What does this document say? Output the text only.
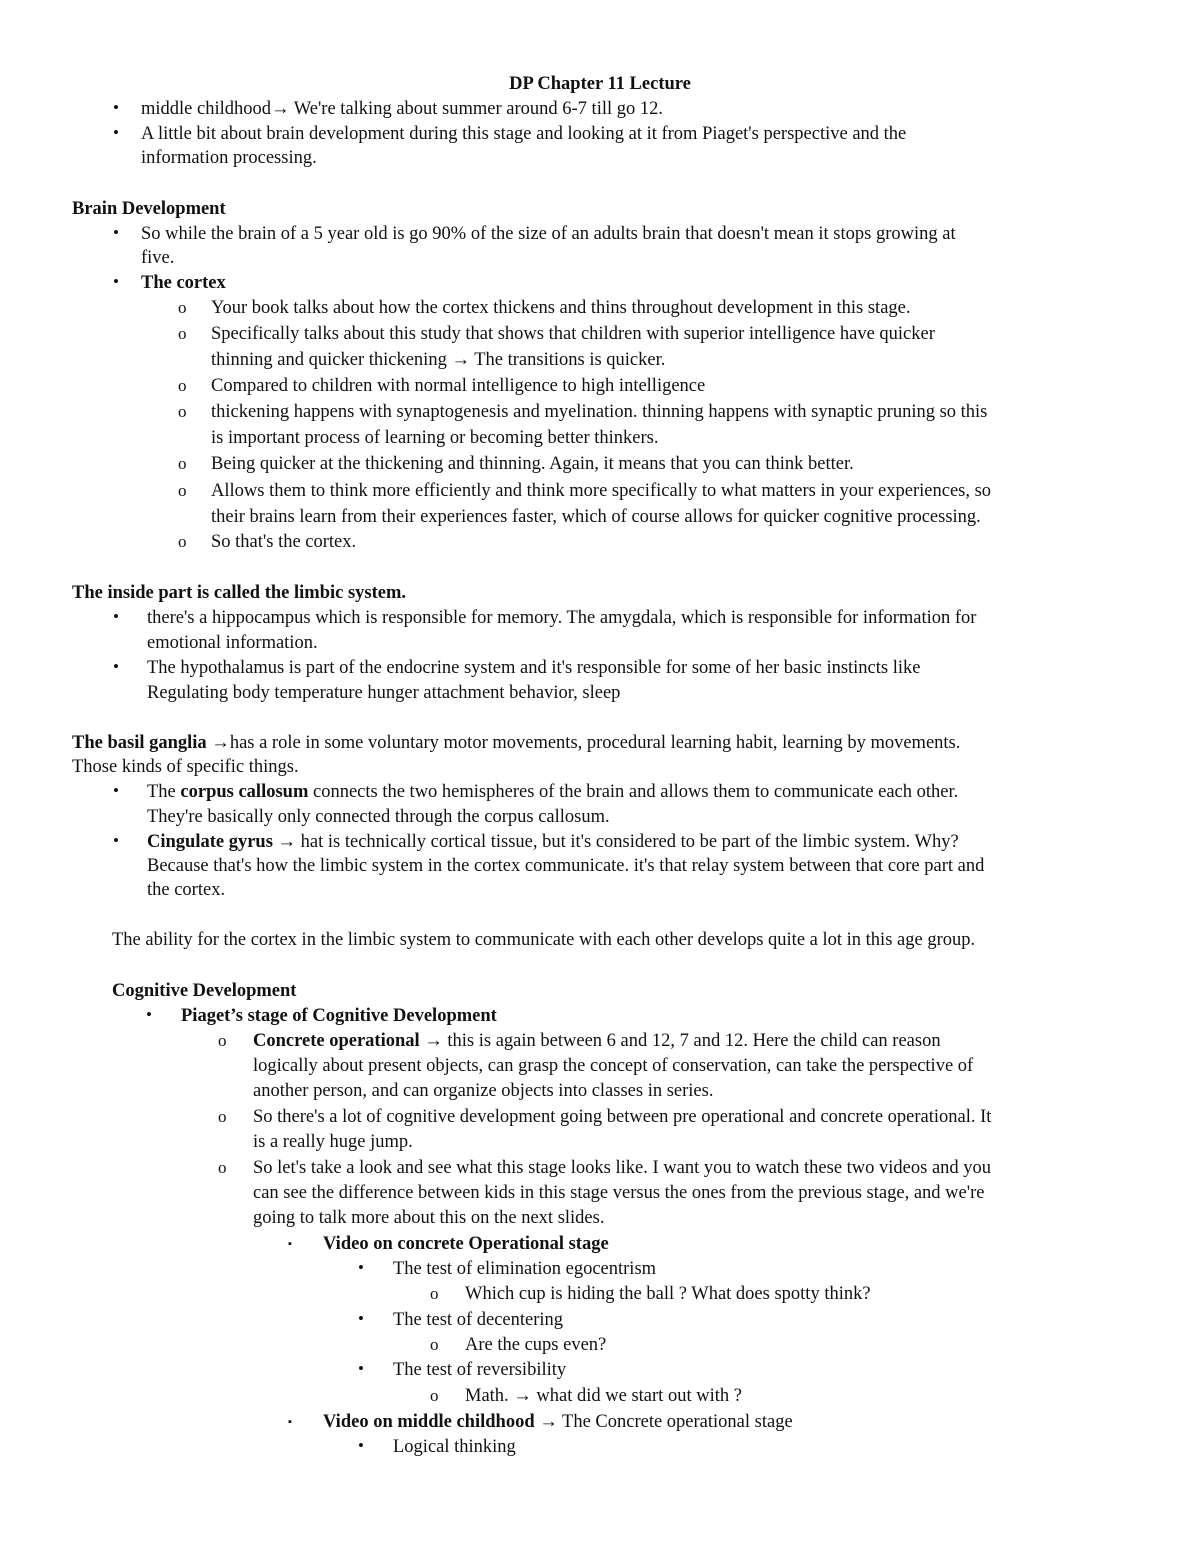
DP Chapter 11 Lecture
• middle childhood→ We're talking about summer around 6-7 till go 12.
• A little bit about brain development during this stage and looking at it from Piaget's perspective and the
information processing.
Brain Development
• So while the brain of a 5 year old is go 90% of the size of an adults brain that doesn't mean it stops growing at
five.
• The cortex
o Your book talks about how the cortex thickens and thins throughout development in this stage.
o Specifically talks about this study that shows that children with superior intelligence have quicker
thinning and quicker thickening → The transitions is quicker.
o Compared to children with normal intelligence to high intelligence
o thickening happens with synaptogenesis and myelination. thinning happens with synaptic pruning so this
is important process of learning or becoming better thinkers.
o Being quicker at the thickening and thinning. Again, it means that you can think better.
o Allows them to think more efficiently and think more specifically to what matters in your experiences, so
their brains learn from their experiences faster, which of course allows for quicker cognitive processing.
o So that's the cortex.
The inside part is called the limbic system.
• there's a hippocampus which is responsible for memory. The amygdala, which is responsible for information for
emotional information.
• The hypothalamus is part of the endocrine system and it's responsible for some of her basic instincts like
Regulating body temperature hunger attachment behavior, sleep
The basil ganglia →has a role in some voluntary motor movements, procedural learning habit, learning by movements.
Those kinds of specific things.
• The corpus callosum connects the two hemispheres of the brain and allows them to communicate each other.
They're basically only connected through the corpus callosum.
• Cingulate gyrus → hat is technically cortical tissue, but it's considered to be part of the limbic system. Why?
Because that's how the limbic system in the cortex communicate. it's that relay system between that core part and
the cortex.
The ability for the cortex in the limbic system to communicate with each other develops quite a lot in this age group.
Cognitive Development
• Piaget’s stage of Cognitive Development
o Concrete operational → this is again between 6 and 12, 7 and 12. Here the child can reason
logically about present objects, can grasp the concept of conservation, can take the perspective of
another person, and can organize objects into classes in series.
o So there's a lot of cognitive development going between pre operational and concrete operational. It
is a really huge jump.
o So let's take a look and see what this stage looks like. I want you to watch these two videos and you
can see the difference between kids in this stage versus the ones from the previous stage, and we're
going to talk more about this on the next slides.
▪ Video on concrete Operational stage
• The test of elimination egocentrism
o Which cup is hiding the ball ? What does spotty think?
• The test of decentering
o Are the cups even?
• The test of reversibility
o Math. → what did we start out with ?
▪ Video on middle childhood → The Concrete operational stage
• Logical thinking
